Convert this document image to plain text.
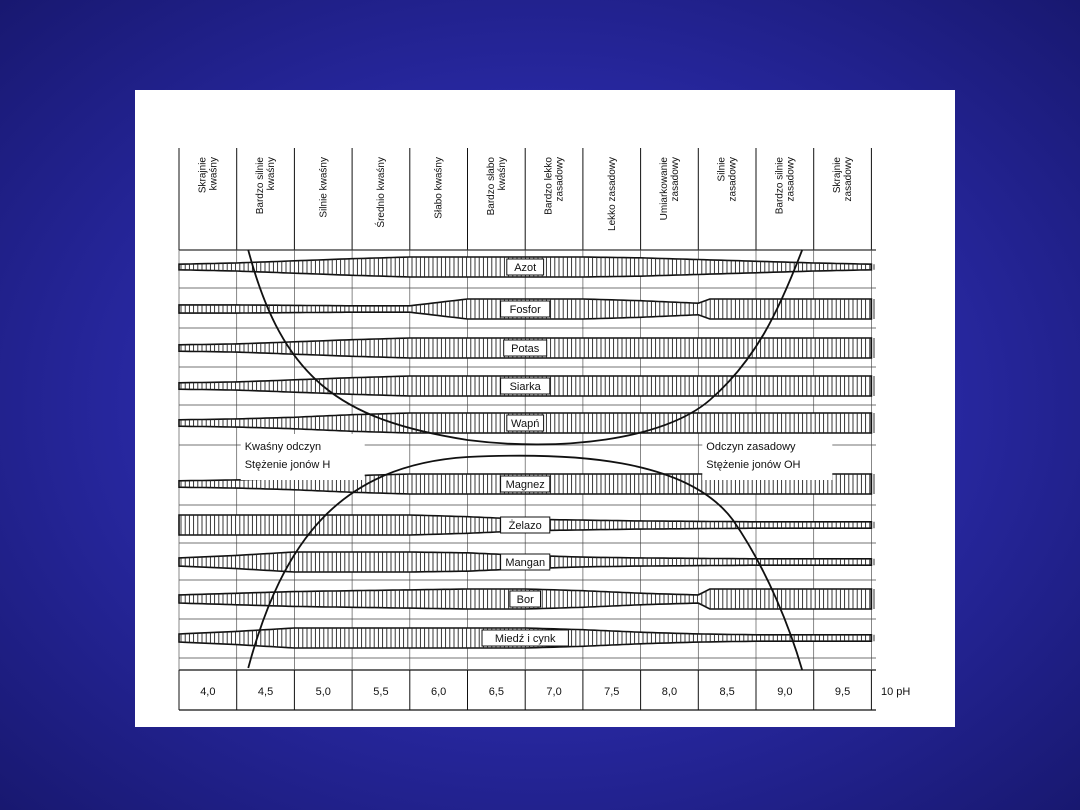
Azot
Fosfor
Potas
Siarka
Wapń
Magnez
Żelazo
Mangan
Bor
Miedź i cynk
Skrajnie kwaśny	Bardzo silnie kwaśny	Silnie kwaśny	Średnio kwaśny	Słabo kwaśny	Bardzo słabo kwaśny	Bardzo lekko zasadowy	Lekko zasadowy	Umiarkowanie zasadowy	Silnie zasadowy	Bardzo silnie zasadowy	Skrajnie zasadowy
Kwaśny odczyn
Stężenie jonów H
Odczyn zasadowy
Stężenie jonów OH
4,0	4,5	5,0	5,5	6,0	6,5	7,0	7,5	8,0	8,5	9,0	9,5	10 pH
